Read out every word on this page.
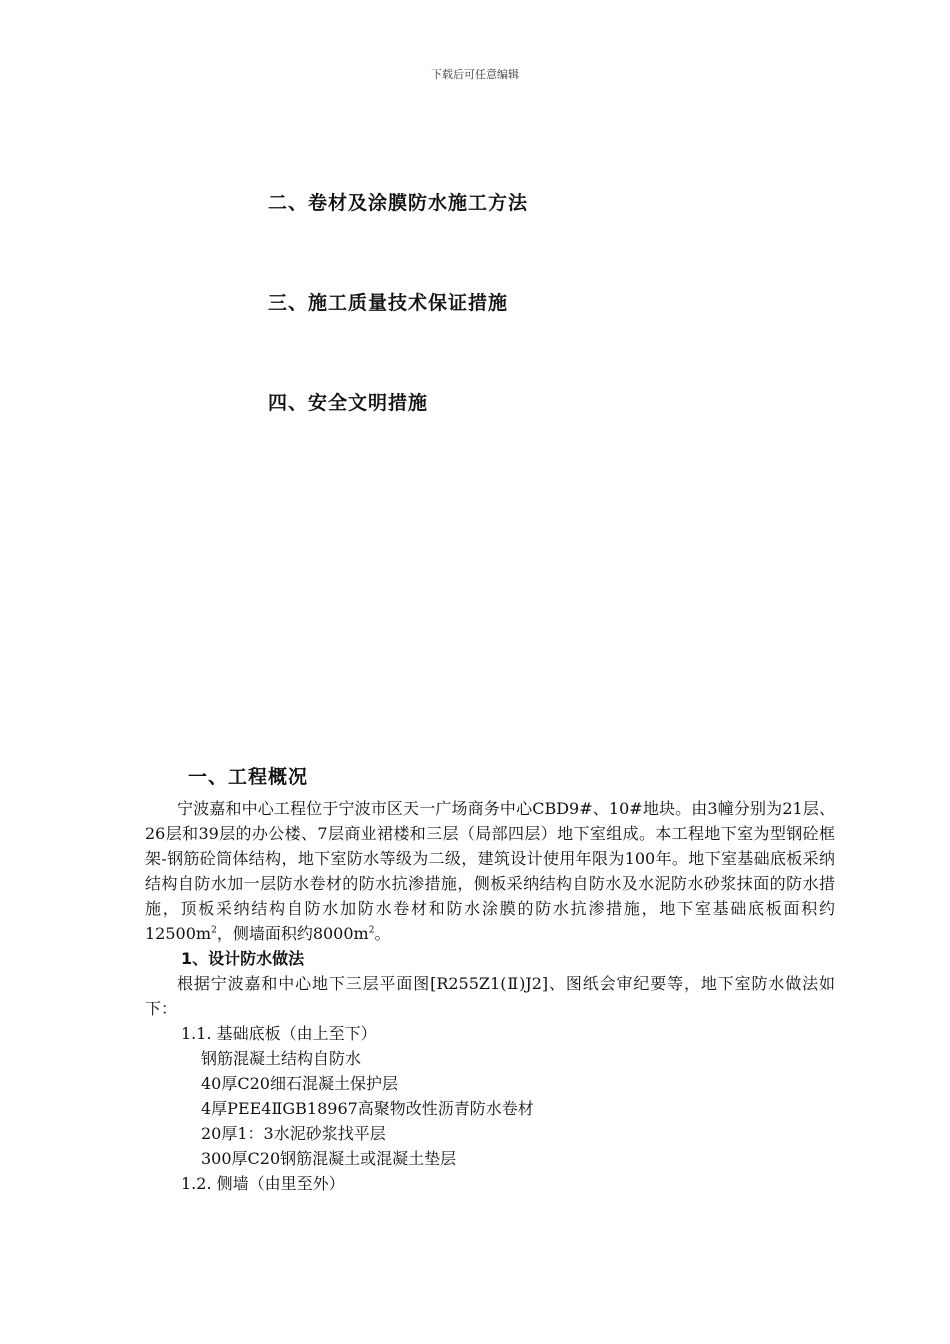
下载后可任意编辑
二、卷材及涂膜防水施工方法
三、施工质量技术保证措施
四、安全文明措施
一、工程概况

宁波嘉和中心工程位于宁波市区天一广场商务中心CBD9#、10#地块。由3幢分别为21层、26层和39层的办公楼、7层商业裙楼和三层（局部四层）地下室组成。本工程地下室为型钢砼框架-钢筋砼筒体结构，地下室防水等级为二级，建筑设计使用年限为100年。地下室基础底板采纳结构自防水加一层防水卷材的防水抗渗措施，侧板采纳结构自防水及水泥防水砂浆抹面的防水措施，顶板采纳结构自防水加防水卷材和防水涂膜的防水抗渗措施，地下室基础底板面积约$12500m^2$，侧墙面积约$8000m^2$。

1、设计防水做法

根据宁波嘉和中心地下三层平面图[R255Z1(Ⅱ)J2]、图纸会审纪要等，地下室防水做法如下：

1.1. 基础底板（由上至下）

钢筋混凝土结构自防水

40厚C20细石混凝土保护层

4厚PEE4ⅡGB18967高聚物改性沥青防水卷材

20厚1：3水泥砂浆找平层

300厚C20钢筋混凝土或混凝土垫层

1.2. 侧墙（由里至外）
